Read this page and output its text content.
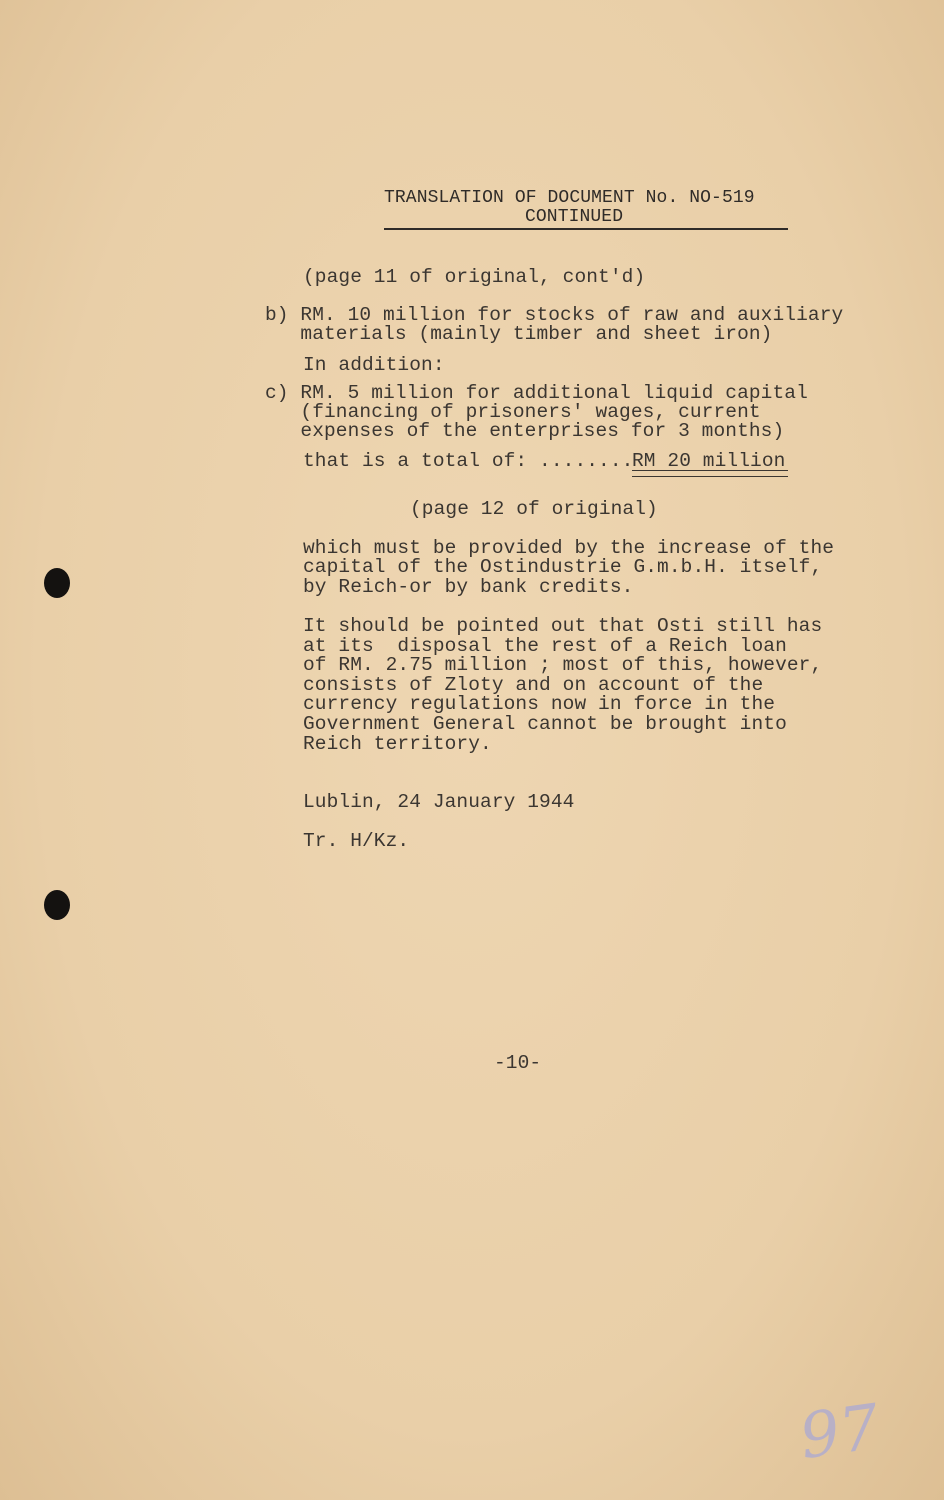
TRANSLATION OF DOCUMENT No. NO-519
CONTINUED
(page 11 of original, cont'd)
b) RM. 10 million for stocks of raw and auxiliary
materials (mainly timber and sheet iron)
In addition:
c) RM. 5 million for additional liquid capital
(financing of prisoners' wages, current
expenses of the enterprises for 3 months)
that is a total of: ........
RM 20 million
(page 12 of original)
which must be provided by the increase of the
capital of the Ostindustrie G.m.b.H. itself,
by Reich-or by bank credits.
It should be pointed out that Osti still has
at its  disposal the rest of a Reich loan
of RM. 2.75 million ; most of this, however,
consists of Zloty and on account of the
currency regulations now in force in the
Government General cannot be brought into
Reich territory.
Lublin, 24 January 1944
Tr. H/Kz.
-10-
97
